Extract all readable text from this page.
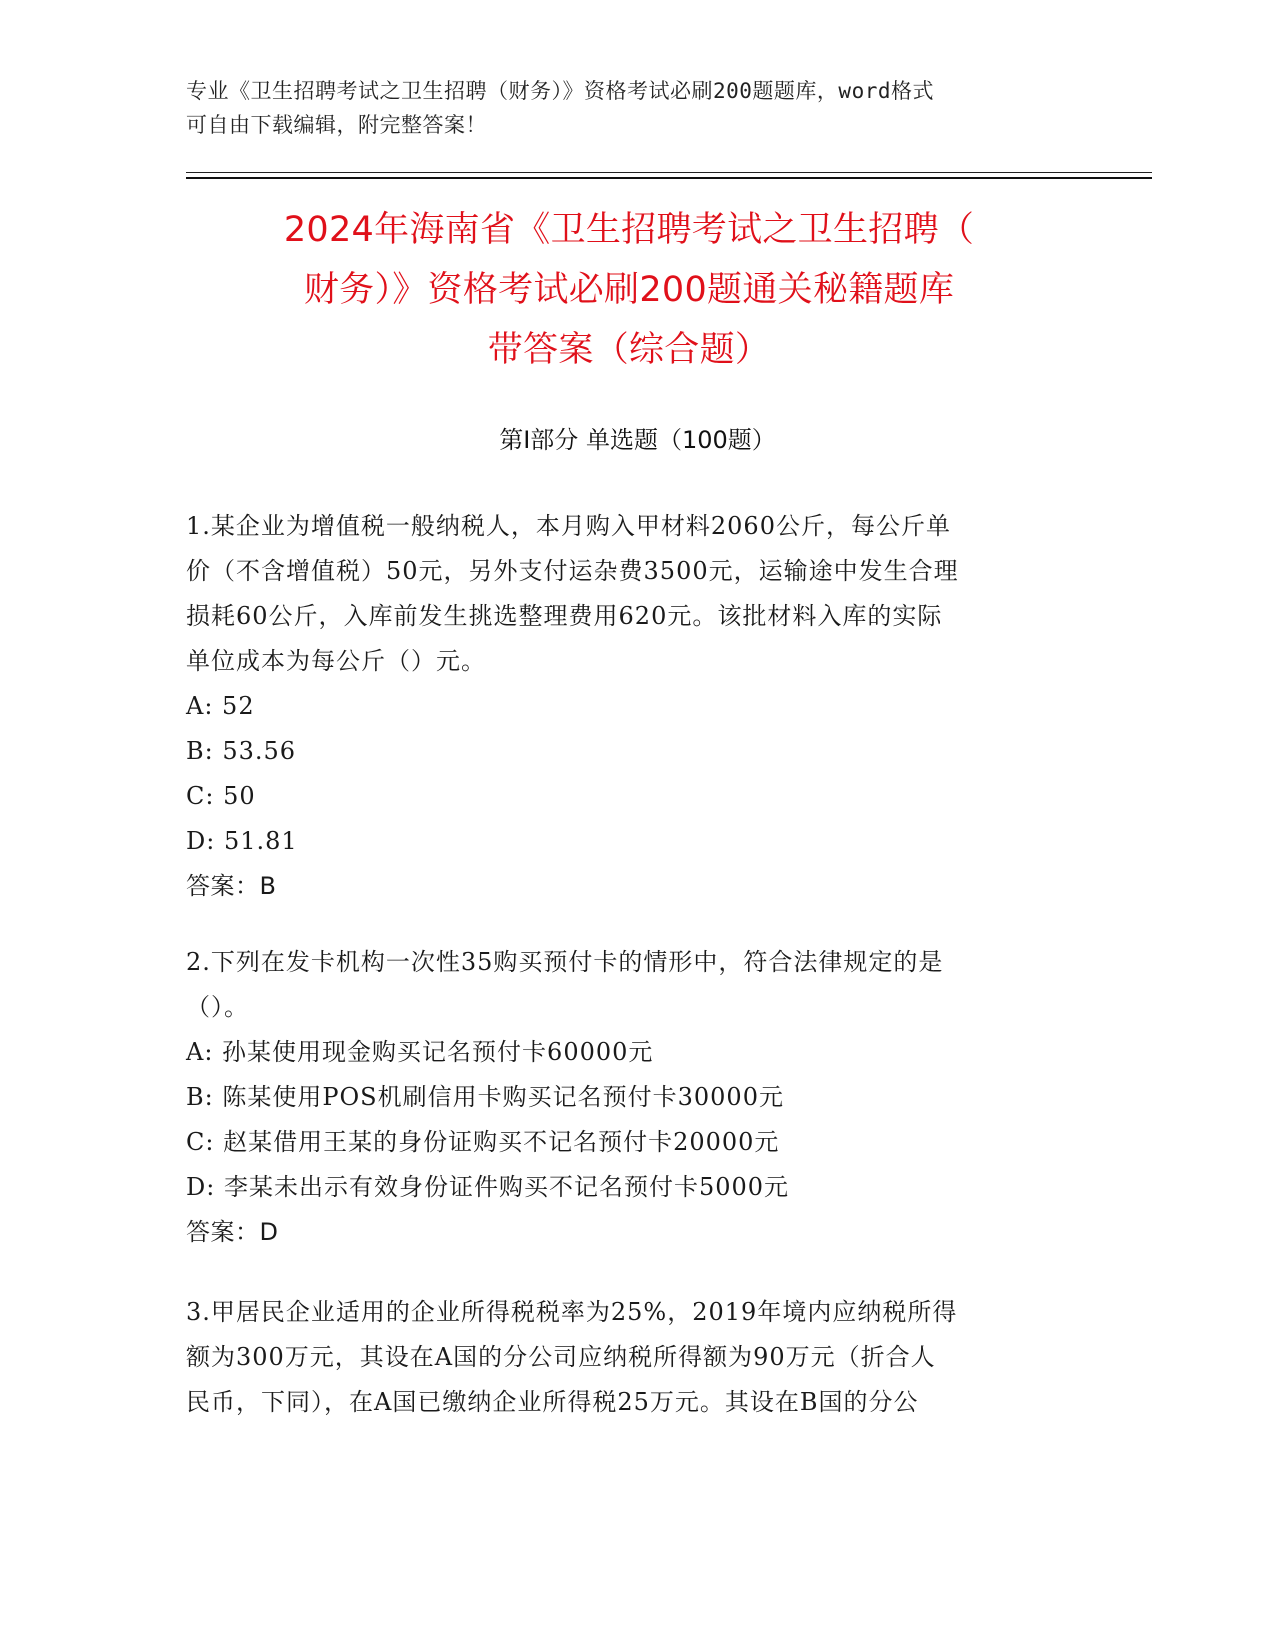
专业《卫生招聘考试之卫生招聘（财务）》资格考试必刷200题题库，word格式
可自由下载编辑，附完整答案！
2024年海南省《卫生招聘考试之卫生招聘（
财务）》资格考试必刷200题通关秘籍题库
带答案（综合题）
第Ⅰ部分 单选题（100题）
1.某企业为增值税一般纳税人，本月购入甲材料2060公斤，每公斤单
价（不含增值税）50元，另外支付运杂费3500元，运输途中发生合理
损耗60公斤，入库前发生挑选整理费用620元。该批材料入库的实际
单位成本为每公斤（）元。
A: 52
B: 53.56
C: 50
D: 51.81
答案：B
2.下列在发卡机构一次性35购买预付卡的情形中，符合法律规定的是
（）。
A: 孙某使用现金购买记名预付卡60000元
B: 陈某使用POS机刷信用卡购买记名预付卡30000元
C: 赵某借用王某的身份证购买不记名预付卡20000元
D: 李某未出示有效身份证件购买不记名预付卡5000元
答案：D
3.甲居民企业适用的企业所得税税率为25%，2019年境内应纳税所得
额为300万元，其设在A国的分公司应纳税所得额为90万元（折合人
民币，下同），在A国已缴纳企业所得税25万元。其设在B国的分公
